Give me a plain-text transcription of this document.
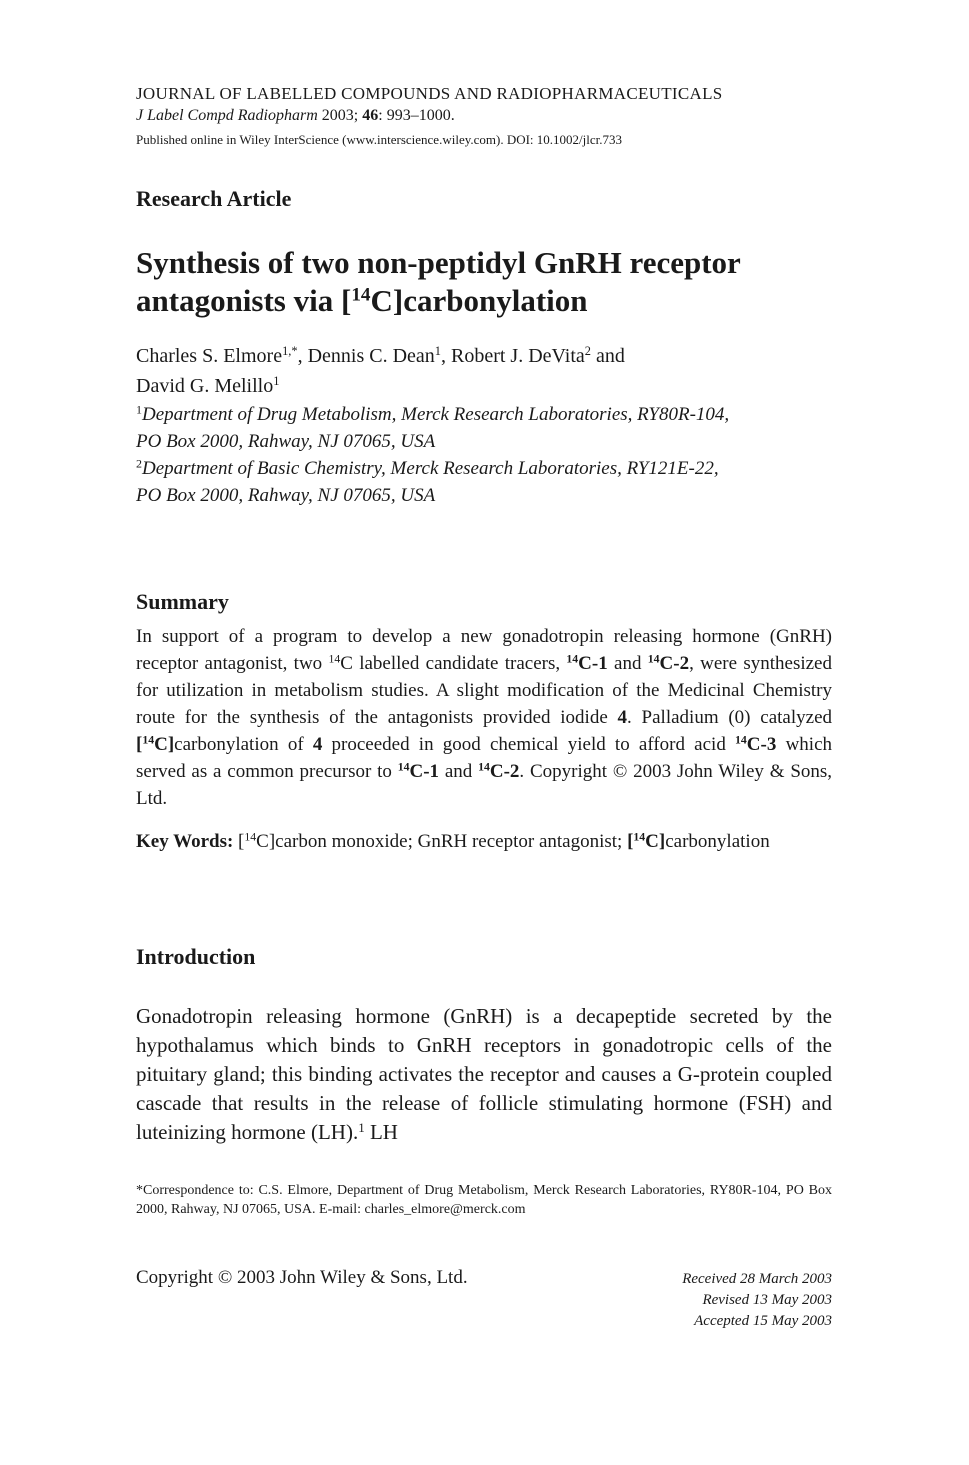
JOURNAL OF LABELLED COMPOUNDS AND RADIOPHARMACEUTICALS
J Label Compd Radiopharm 2003; 46: 993–1000.
Published online in Wiley InterScience (www.interscience.wiley.com). DOI: 10.1002/jlcr.733
Research Article
Synthesis of two non-peptidyl GnRH receptor
antagonists via [$^{14}$C]carbonylation
Charles S. Elmore$^{1,*}$, Dennis C. Dean$^1$, Robert J. DeVita$^2$ and
David G. Melillo$^1$
$^1$Department of Drug Metabolism, Merck Research Laboratories, RY80R-104,
PO Box 2000, Rahway, NJ 07065, USA
$^2$Department of Basic Chemistry, Merck Research Laboratories, RY121E-22,
PO Box 2000, Rahway, NJ 07065, USA
Summary
In support of a program to develop a new gonadotropin releasing hormone (GnRH) receptor antagonist, two $^{14}$C labelled candidate tracers, $^{14}$C-1 and $^{14}$C-2, were synthesized for utilization in metabolism studies. A slight modification of the Medicinal Chemistry route for the synthesis of the antagonists provided iodide 4. Palladium (0) catalyzed [$^{14}$C]carbonylation of 4 proceeded in good chemical yield to afford acid $^{14}$C-3 which served as a common precursor to $^{14}$C-1 and $^{14}$C-2. Copyright © 2003 John Wiley & Sons, Ltd.
Key Words: [$^{14}$C]carbon monoxide; GnRH receptor antagonist; [$^{14}$C]carbonylation
Introduction
Gonadotropin releasing hormone (GnRH) is a decapeptide secreted by the hypothalamus which binds to GnRH receptors in gonadotropic cells of the pituitary gland; this binding activates the receptor and causes a G-protein coupled cascade that results in the release of follicle stimulating hormone (FSH) and luteinizing hormone (LH).$^1$ LH
*Correspondence to: C.S. Elmore, Department of Drug Metabolism, Merck Research Laboratories, RY80R-104, PO Box 2000, Rahway, NJ 07065, USA. E-mail: charles_elmore@merck.com
Copyright © 2003 John Wiley & Sons, Ltd.	Received 28 March 2003
Revised 13 May 2003
Accepted 15 May 2003
